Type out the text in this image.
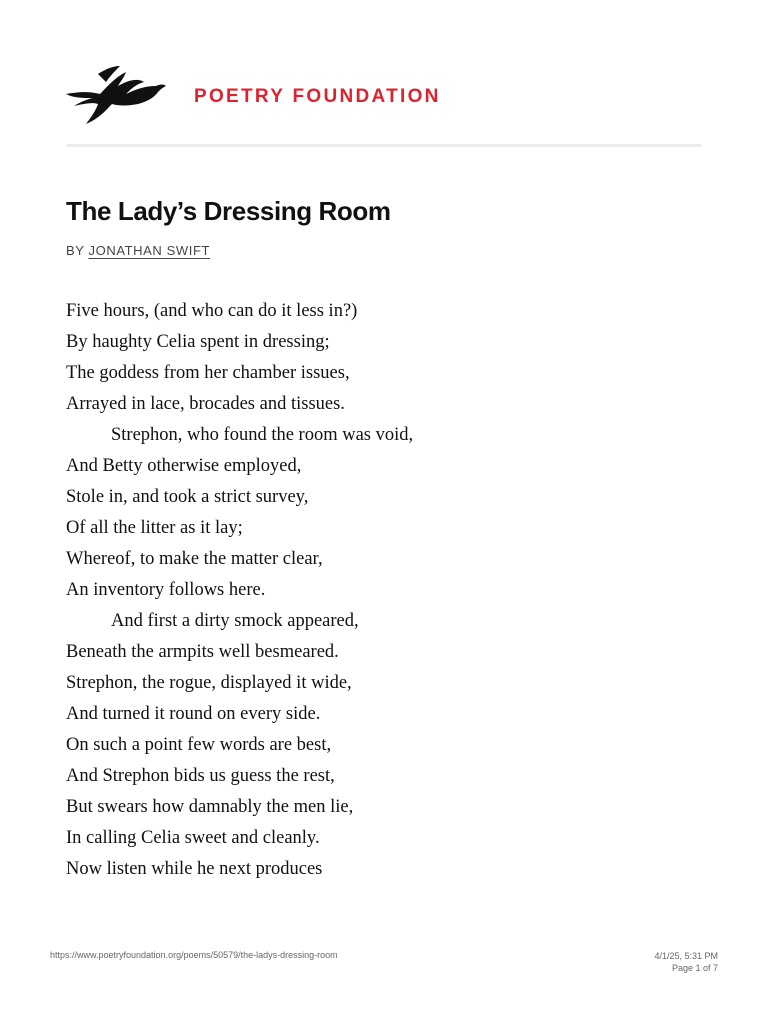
POETRY FOUNDATION
The Lady’s Dressing Room
BY JONATHAN SWIFT
Five hours, (and who can do it less in?)
By haughty Celia spent in dressing;
The goddess from her chamber issues,
Arrayed in lace, brocades and tissues.
Strephon, who found the room was void,
And Betty otherwise employed,
Stole in, and took a strict survey,
Of all the litter as it lay;
Whereof, to make the matter clear,
An inventory follows here.
And first a dirty smock appeared,
Beneath the armpits well besmeared.
Strephon, the rogue, displayed it wide,
And turned it round on every side.
On such a point few words are best,
And Strephon bids us guess the rest,
But swears how damnably the men lie,
In calling Celia sweet and cleanly.
Now listen while he next produces
https://www.poetryfoundation.org/poems/50579/the-ladys-dressing-room	4/1/25, 5:31 PM
Page 1 of 7
